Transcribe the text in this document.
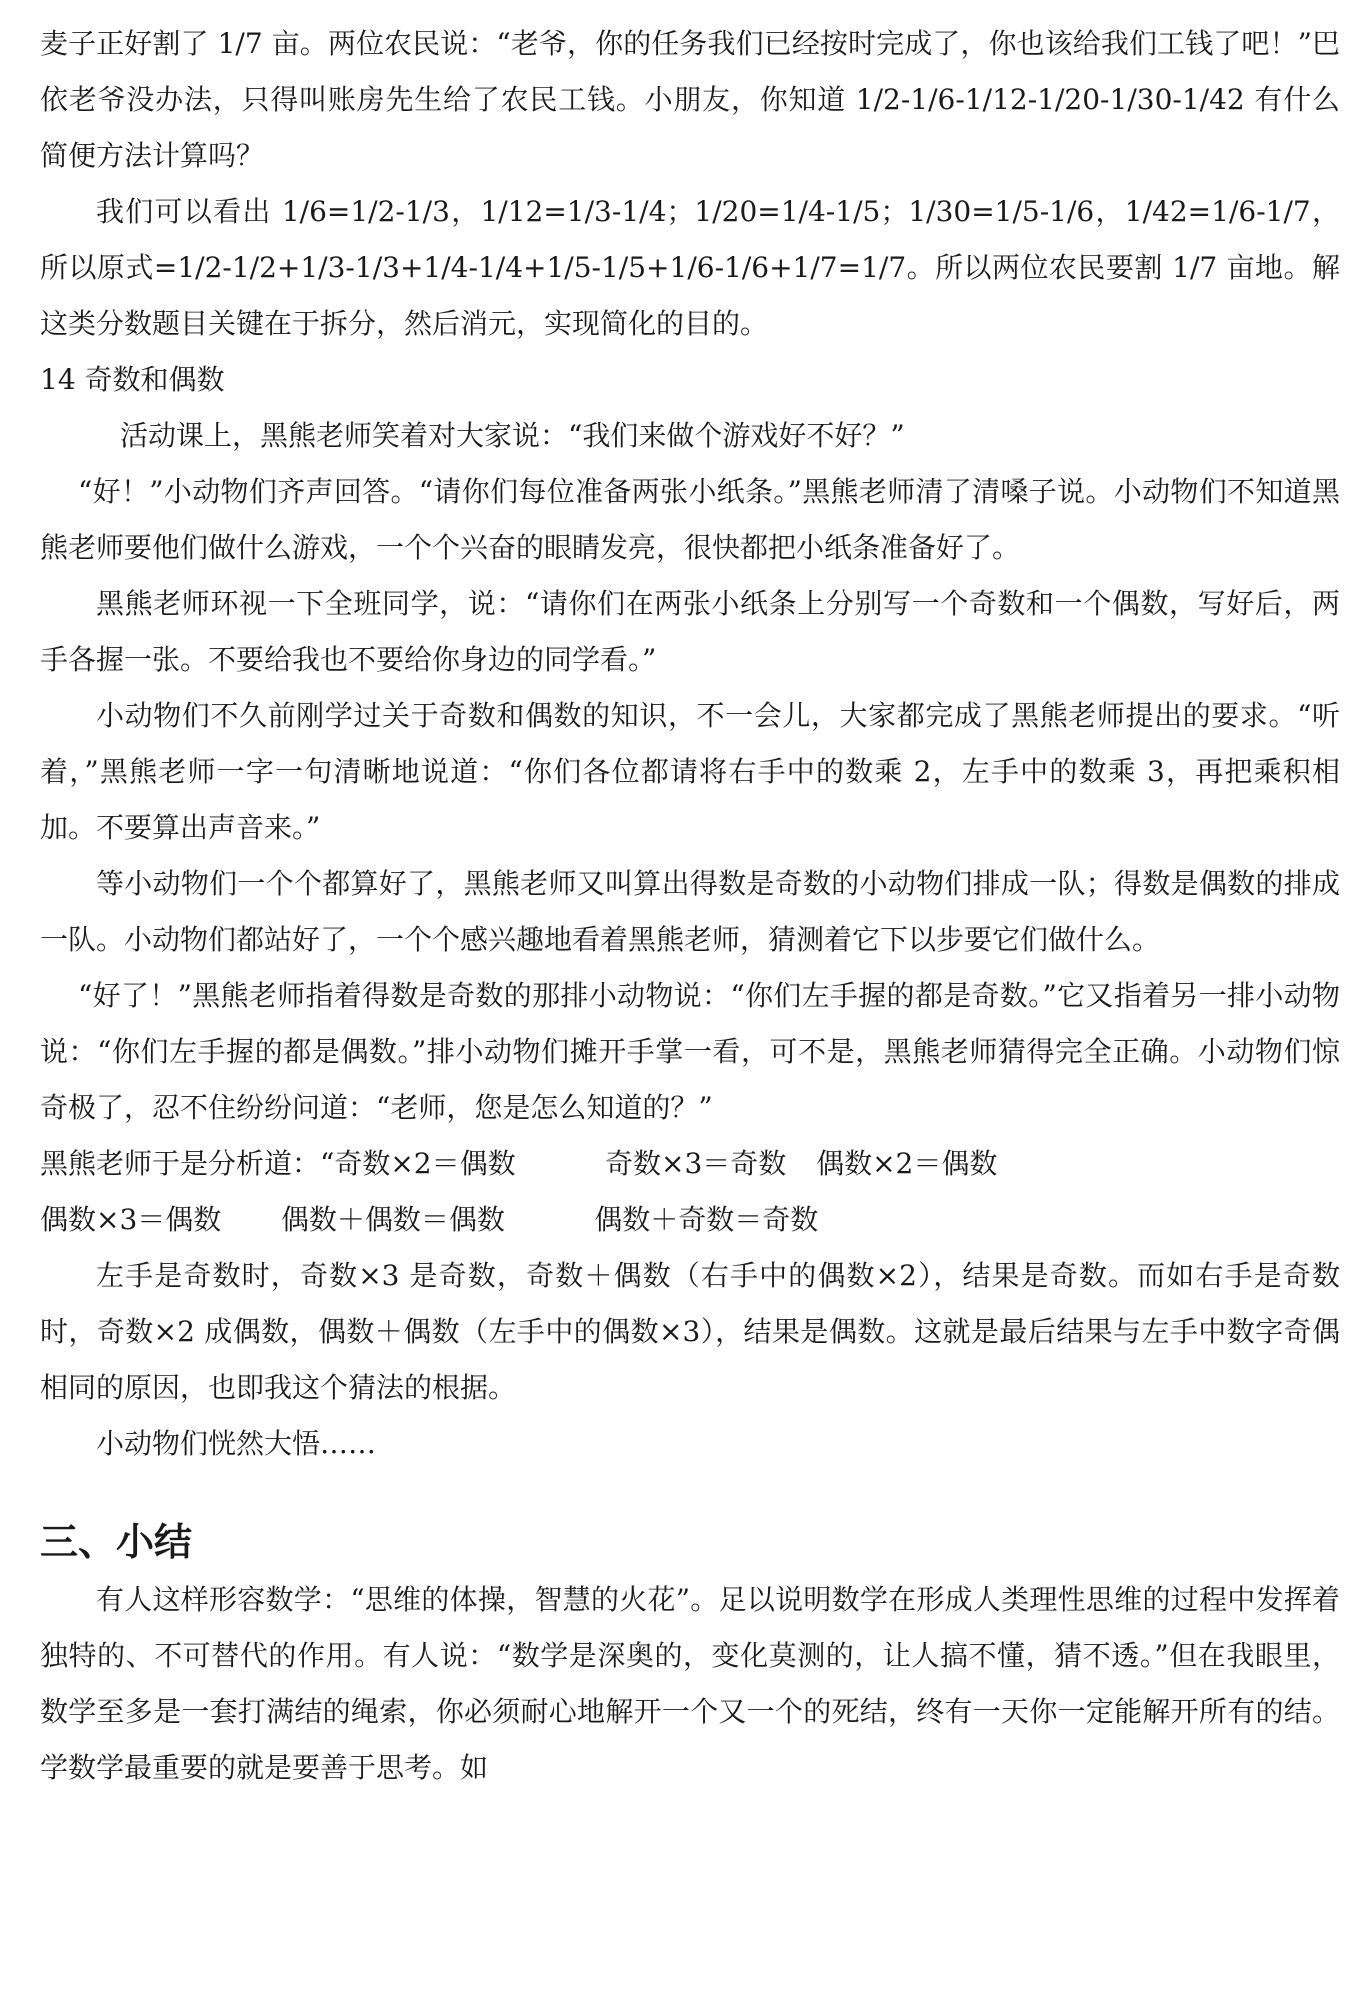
麦子正好割了 1/7 亩。两位农民说：“老爷，你的任务我们已经按时完成了，你也该给我们工钱了吧！”巴依老爷没办法，只得叫账房先生给了农民工钱。小朋友，你知道 1/2-1/6-1/12-1/20-1/30-1/42 有什么简便方法计算吗？

我们可以看出 1/6=1/2-1/3，1/12=1/3-1/4；1/20=1/4-1/5；1/30=1/5-1/6，1/42=1/6-1/7，所以原式=1/2-1/2+1/3-1/3+1/4-1/4+1/5-1/5+1/6-1/6+1/7=1/7。所以两位农民要割 1/7 亩地。解这类分数题目关键在于拆分，然后消元，实现简化的目的。

14 奇数和偶数

活动课上，黑熊老师笑着对大家说：“我们来做个游戏好不好？”

“好！”小动物们齐声回答。“请你们每位准备两张小纸条。”黑熊老师清了清嗓子说。小动物们不知道黑熊老师要他们做什么游戏，一个个兴奋的眼睛发亮，很快都把小纸条准备好了。

黑熊老师环视一下全班同学，说：“请你们在两张小纸条上分别写一个奇数和一个偶数，写好后，两手各握一张。不要给我也不要给你身边的同学看。”

小动物们不久前刚学过关于奇数和偶数的知识，不一会儿，大家都完成了黑熊老师提出的要求。“听着，”黑熊老师一字一句清晰地说道：“你们各位都请将右手中的数乘 2，左手中的数乘 3，再把乘积相加。不要算出声音来。”

等小动物们一个个都算好了，黑熊老师又叫算出得数是奇数的小动物们排成一队；得数是偶数的排成一队。小动物们都站好了，一个个感兴趣地看着黑熊老师，猜测着它下以步要它们做什么。

“好了！”黑熊老师指着得数是奇数的那排小动物说：“你们左手握的都是奇数。”它又指着另一排小动物说：“你们左手握的都是偶数。”排小动物们摊开手掌一看，可不是，黑熊老师猜得完全正确。小动物们惊奇极了，忍不住纷纷问道：“老师，您是怎么知道的？”

黑熊老师于是分析道：“奇数×2＝偶数      奇数×3＝奇数  偶数×2＝偶数

偶数×3＝偶数    偶数＋偶数＝偶数      偶数＋奇数＝奇数

左手是奇数时，奇数×3 是奇数，奇数＋偶数（右手中的偶数×2），结果是奇数。而如右手是奇数时，奇数×2 成偶数，偶数＋偶数（左手中的偶数×3），结果是偶数。这就是最后结果与左手中数字奇偶相同的原因，也即我这个猜法的根据。

小动物们恍然大悟……

三、小结

有人这样形容数学：“思维的体操，智慧的火花”。足以说明数学在形成人类理性思维的过程中发挥着独特的、不可替代的作用。有人说：“数学是深奥的，变化莫测的，让人搞不懂，猜不透。”但在我眼里，数学至多是一套打满结的绳索，你必须耐心地解开一个又一个的死结，终有一天你一定能解开所有的结。学数学最重要的就是要善于思考。如
